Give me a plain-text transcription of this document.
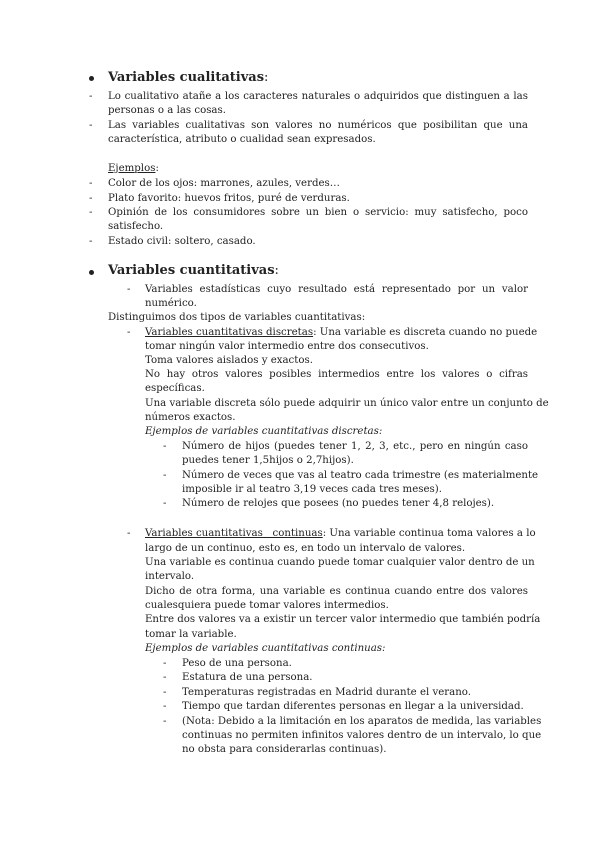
Variables cualitativas:
- Lo cualitativo atañe a los caracteres naturales o adquiridos que distinguen a las
personas o a las cosas.
- Las variables cualitativas son valores no numéricos que posibilitan que una
característica, atributo o cualidad sean expresados.
Ejemplos:
- Color de los ojos: marrones, azules, verdes…
- Plato favorito: huevos fritos, puré de verduras.
- Opinión de los consumidores sobre un bien o servicio: muy satisfecho, poco
satisfecho.
- Estado civil: soltero, casado.
Variables cuantitativas:
- Variables estadísticas cuyo resultado está representado por un valor
numérico.
Distinguimos dos tipos de variables cuantitativas:
- Variables cuantitativas discretas: Una variable es discreta cuando no puede
tomar ningún valor intermedio entre dos consecutivos.
Toma valores aislados y exactos.
No hay otros valores posibles intermedios entre los valores o cifras
específicas.
Una variable discreta sólo puede adquirir un único valor entre un conjunto de
números exactos.
Ejemplos de variables cuantitativas discretas:
- Número de hijos (puedes tener 1, 2, 3, etc., pero en ningún caso
puedes tener 1,5hijos o 2,7hijos).
- Número de veces que vas al teatro cada trimestre (es materialmente
imposible ir al teatro 3,19 veces cada tres meses).
- Número de relojes que posees (no puedes tener 4,8 relojes).
- Variables cuantitativas   continuas: Una variable continua toma valores a lo
largo de un continuo, esto es, en todo un intervalo de valores.
Una variable es continua cuando puede tomar cualquier valor dentro de un
intervalo.
Dicho de otra forma, una variable es continua cuando entre dos valores
cualesquiera puede tomar valores intermedios.
Entre dos valores va a existir un tercer valor intermedio que también podría
tomar la variable.
Ejemplos de variables cuantitativas continuas:
- Peso de una persona.
- Estatura de una persona.
- Temperaturas registradas en Madrid durante el verano.
- Tiempo que tardan diferentes personas en llegar a la universidad.
- (Nota: Debido a la limitación en los aparatos de medida, las variables
continuas no permiten infinitos valores dentro de un intervalo, lo que
no obsta para considerarlas continuas).
